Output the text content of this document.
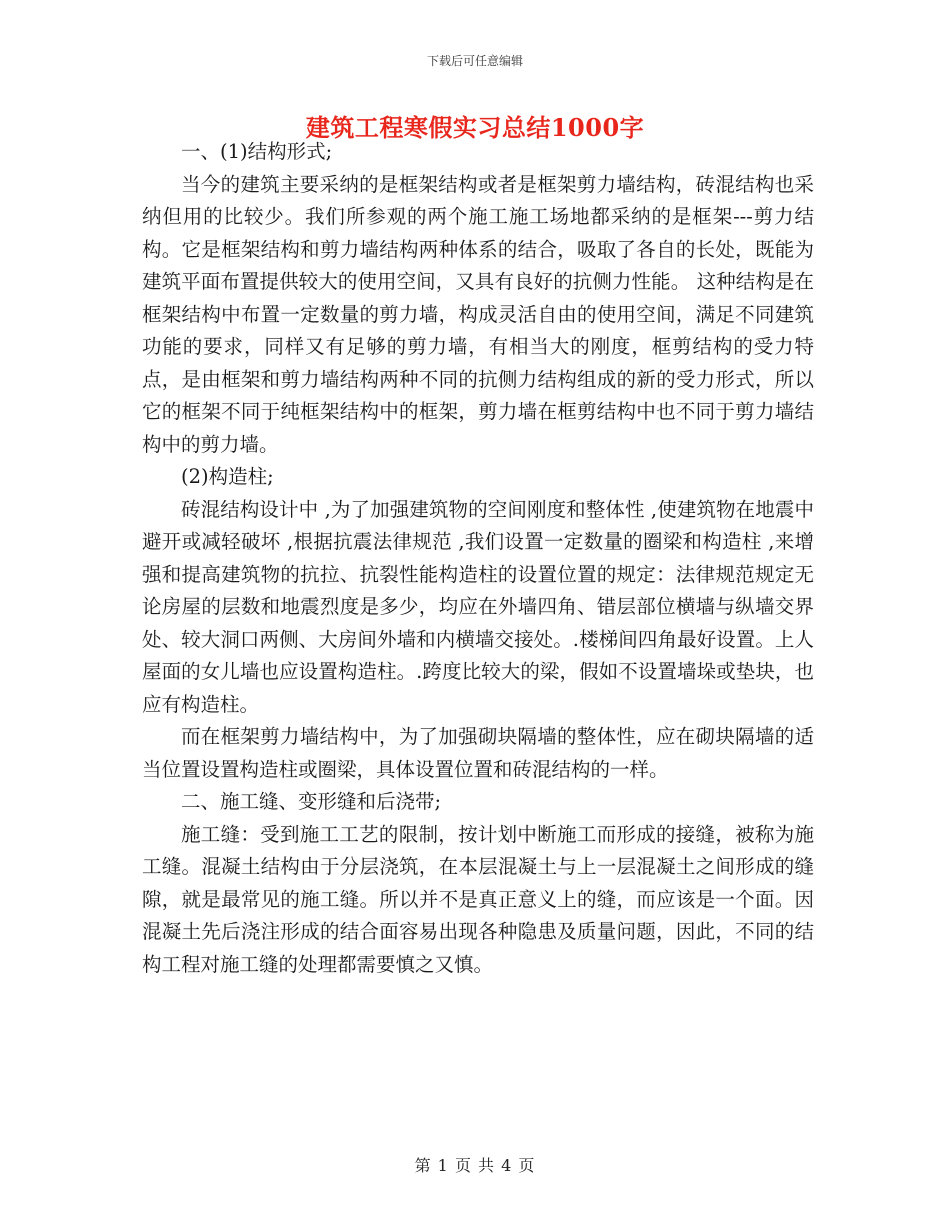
下载后可任意编辑
建筑工程寒假实习总结1000字

一、(1)结构形式;

当今的建筑主要采纳的是框架结构或者是框架剪力墙结构，砖混结构也采纳但用的比较少。我们所参观的两个施工施工场地都采纳的是框架---剪力结构。它是框架结构和剪力墙结构两种体系的结合，吸取了各自的长处，既能为建筑平面布置提供较大的使用空间，又具有良好的抗侧力性能。 这种结构是在框架结构中布置一定数量的剪力墙，构成灵活自由的使用空间，满足不同建筑功能的要求，同样又有足够的剪力墙，有相当大的刚度，框剪结构的受力特点，是由框架和剪力墙结构两种不同的抗侧力结构组成的新的受力形式，所以它的框架不同于纯框架结构中的框架，剪力墙在框剪结构中也不同于剪力墙结构中的剪力墙。

(2)构造柱;

砖混结构设计中 ,为了加强建筑物的空间刚度和整体性 ,使建筑物在地震中避开或减轻破坏 ,根据抗震法律规范 ,我们设置一定数量的圈梁和构造柱 ,来增强和提高建筑物的抗拉、抗裂性能构造柱的设置位置的规定：法律规范规定无论房屋的层数和地震烈度是多少，均应在外墙四角、错层部位横墙与纵墙交界处、较大洞口两侧、大房间外墙和内横墙交接处。.楼梯间四角最好设置。上人屋面的女儿墙也应设置构造柱。.跨度比较大的梁，假如不设置墙垛或垫块，也应有构造柱。

而在框架剪力墙结构中，为了加强砌块隔墙的整体性，应在砌块隔墙的适当位置设置构造柱或圈梁，具体设置位置和砖混结构的一样。

二、施工缝、变形缝和后浇带;

施工缝：受到施工工艺的限制，按计划中断施工而形成的接缝，被称为施工缝。混凝土结构由于分层浇筑，在本层混凝土与上一层混凝土之间形成的缝隙，就是最常见的施工缝。所以并不是真正意义上的缝，而应该是一个面。因混凝土先后浇注形成的结合面容易出现各种隐患及质量问题，因此，不同的结构工程对施工缝的处理都需要慎之又慎。

第 1 页 共 4 页
